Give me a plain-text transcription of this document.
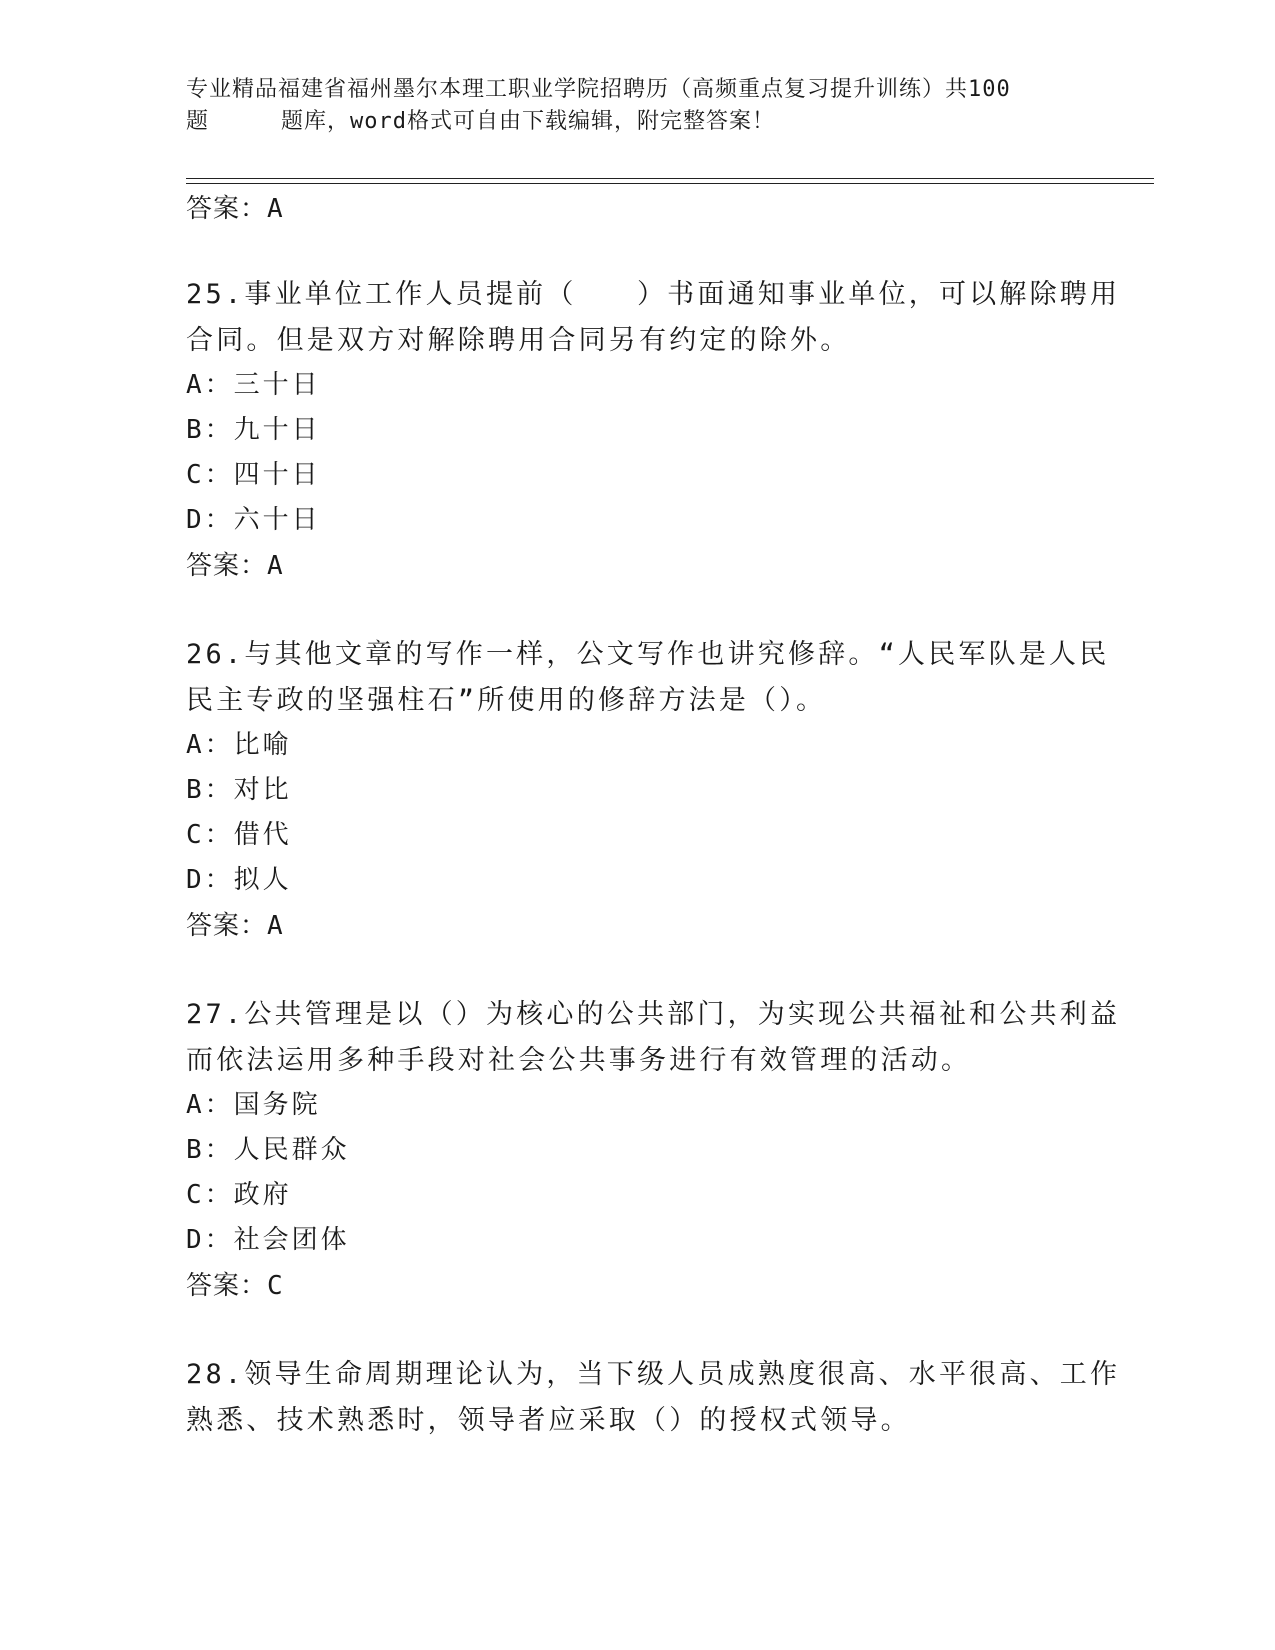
专业精品福建省福州墨尔本理工职业学院招聘历（高频重点复习提升训练）共100
题	题库，word格式可自由下载编辑，附完整答案！
答案：A
25.事业单位工作人员提前（　　）书面通知事业单位，可以解除聘用
合同。但是双方对解除聘用合同另有约定的除外。
A：三十日
B：九十日
C：四十日
D：六十日
答案：A
26.与其他文章的写作一样，公文写作也讲究修辞。“人民军队是人民
民主专政的坚强柱石”所使用的修辞方法是（）。
A：比喻
B：对比
C：借代
D：拟人
答案：A
27.公共管理是以（）为核心的公共部门，为实现公共福祉和公共利益
而依法运用多种手段对社会公共事务进行有效管理的活动。
A：国务院
B：人民群众
C：政府
D：社会团体
答案：C
28.领导生命周期理论认为，当下级人员成熟度很高、水平很高、工作
熟悉、技术熟悉时，领导者应采取（）的授权式领导。
